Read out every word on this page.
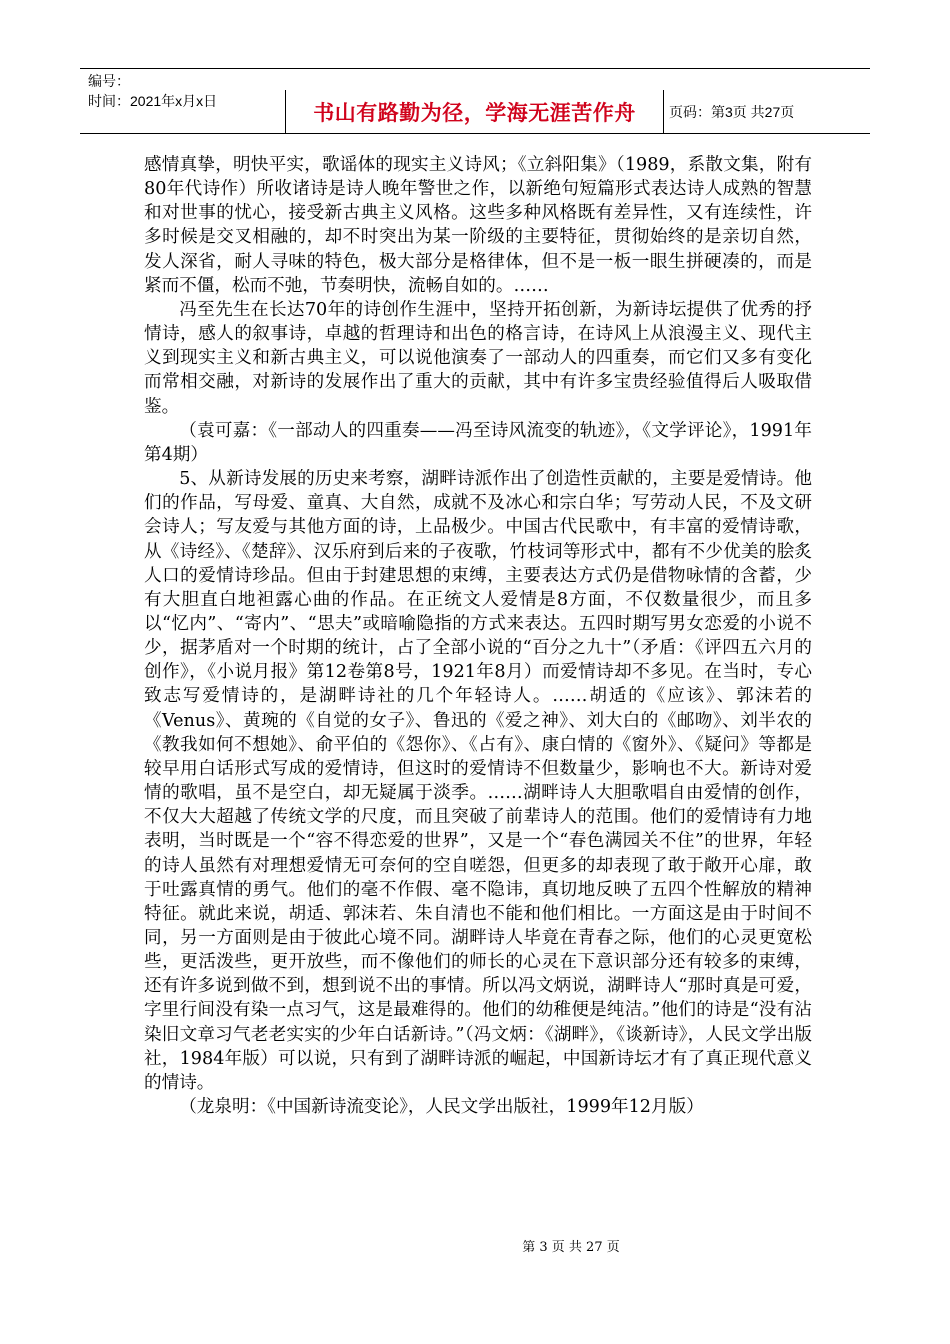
编号：
时间：2021年x月x日	书山有路勤为径，学海无涯苦作舟	页码：第3页 共27页

感情真挚，明快平实，歌谣体的现实主义诗风；《立斜阳集》（1989，系散文集，附有80年代诗作）所收诸诗是诗人晚年警世之作，以新绝句短篇形式表达诗人成熟的智慧和对世事的忧心，接受新古典主义风格。这些多种风格既有差异性，又有连续性，许多时候是交叉相融的，却不时突出为某一阶级的主要特征，贯彻始终的是亲切自然，发人深省，耐人寻味的特色，极大部分是格律体，但不是一板一眼生拼硬凑的，而是紧而不僵，松而不弛，节奏明快，流畅自如的。……

冯至先生在长达70年的诗创作生涯中，坚持开拓创新，为新诗坛提供了优秀的抒情诗，感人的叙事诗，卓越的哲理诗和出色的格言诗，在诗风上从浪漫主义、现代主义到现实主义和新古典主义，可以说他演奏了一部动人的四重奏，而它们又多有变化而常相交融，对新诗的发展作出了重大的贡献，其中有许多宝贵经验值得后人吸取借鉴。

（袁可嘉：《一部动人的四重奏——冯至诗风流变的轨迹》，《文学评论》，1991年第4期）

5、从新诗发展的历史来考察，湖畔诗派作出了创造性贡献的，主要是爱情诗。他们的作品，写母爱、童真、大自然，成就不及冰心和宗白华；写劳动人民，不及文研会诗人；写友爱与其他方面的诗，上品极少。中国古代民歌中，有丰富的爱情诗歌，从《诗经》、《楚辞》、汉乐府到后来的子夜歌，竹枝词等形式中，都有不少优美的脍炙人口的爱情诗珍品。但由于封建思想的束缚，主要表达方式仍是借物咏情的含蓄，少有大胆直白地袒露心曲的作品。在正统文人爱情是8方面，不仅数量很少，而且多以“忆内”、“寄内”、“思夫”或暗喻隐指的方式来表达。五四时期写男女恋爱的小说不少，据茅盾对一个时期的统计，占了全部小说的“百分之九十”（矛盾：《评四五六月的创作》，《小说月报》第12卷第8号，1921年8月）而爱情诗却不多见。在当时，专心致志写爱情诗的，是湖畔诗社的几个年轻诗人。……胡适的《应该》、郭沫若的《Venus》、黄琬的《自觉的女子》、鲁迅的《爱之神》、刘大白的《邮吻》、刘半农的《教我如何不想她》、俞平伯的《怨你》、《占有》、康白情的《窗外》、《疑问》等都是较早用白话形式写成的爱情诗，但这时的爱情诗不但数量少，影响也不大。新诗对爱情的歌唱，虽不是空白，却无疑属于淡季。……湖畔诗人大胆歌唱自由爱情的创作，不仅大大超越了传统文学的尺度，而且突破了前辈诗人的范围。他们的爱情诗有力地表明，当时既是一个“容不得恋爱的世界”，又是一个“春色满园关不住”的世界，年轻的诗人虽然有对理想爱情无可奈何的空自嗟怨，但更多的却表现了敢于敞开心扉，敢于吐露真情的勇气。他们的毫不作假、毫不隐讳，真切地反映了五四个性解放的精神特征。就此来说，胡适、郭沫若、朱自清也不能和他们相比。一方面这是由于时间不同，另一方面则是由于彼此心境不同。湖畔诗人毕竟在青春之际，他们的心灵更宽松些，更活泼些，更开放些，而不像他们的师长的心灵在下意识部分还有较多的束缚，还有许多说到做不到，想到说不出的事情。所以冯文炳说，湖畔诗人“那时真是可爱，字里行间没有染一点习气，这是最难得的。他们的幼稚便是纯洁。”他们的诗是“没有沾染旧文章习气老老实实的少年白话新诗。”（冯文炳：《湖畔》，《谈新诗》，人民文学出版社，1984年版）可以说，只有到了湖畔诗派的崛起，中国新诗坛才有了真正现代意义的情诗。

（龙泉明：《中国新诗流变论》，人民文学出版社，1999年12月版）

第 3 页 共 27 页
